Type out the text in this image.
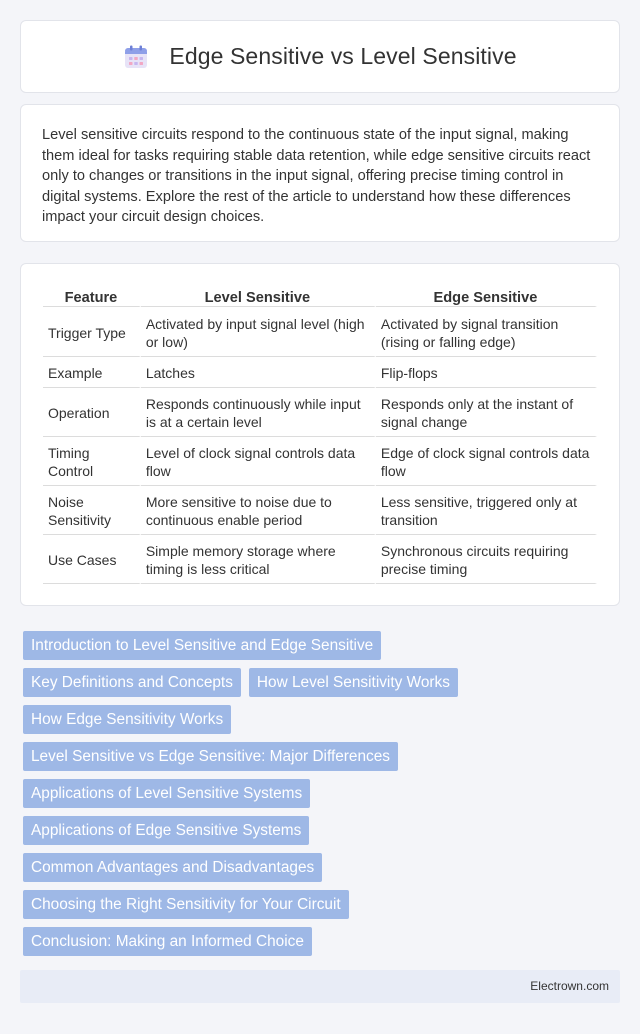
Edge Sensitive vs Level Sensitive

Level sensitive circuits respond to the continuous state of the input signal, making them ideal for tasks requiring stable data retention, while edge sensitive circuits react only to changes or transitions in the input signal, offering precise timing control in digital systems. Explore the rest of the article to understand how these differences impact your circuit design choices.

Feature	Level Sensitive	Edge Sensitive
Trigger Type	Activated by input signal level (high or low)	Activated by signal transition (rising or falling edge)
Example	Latches	Flip-flops
Operation	Responds continuously while input is at a certain level	Responds only at the instant of signal change
Timing Control	Level of clock signal controls data flow	Edge of clock signal controls data flow
Noise Sensitivity	More sensitive to noise due to continuous enable period	Less sensitive, triggered only at transition
Use Cases	Simple memory storage where timing is less critical	Synchronous circuits requiring precise timing
Introduction to Level Sensitive and Edge Sensitive
Key Definitions and Concepts	How Level Sensitivity Works
How Edge Sensitivity Works
Level Sensitive vs Edge Sensitive: Major Differences
Applications of Level Sensitive Systems
Applications of Edge Sensitive Systems
Common Advantages and Disadvantages
Choosing the Right Sensitivity for Your Circuit
Conclusion: Making an Informed Choice
Electrown.com
